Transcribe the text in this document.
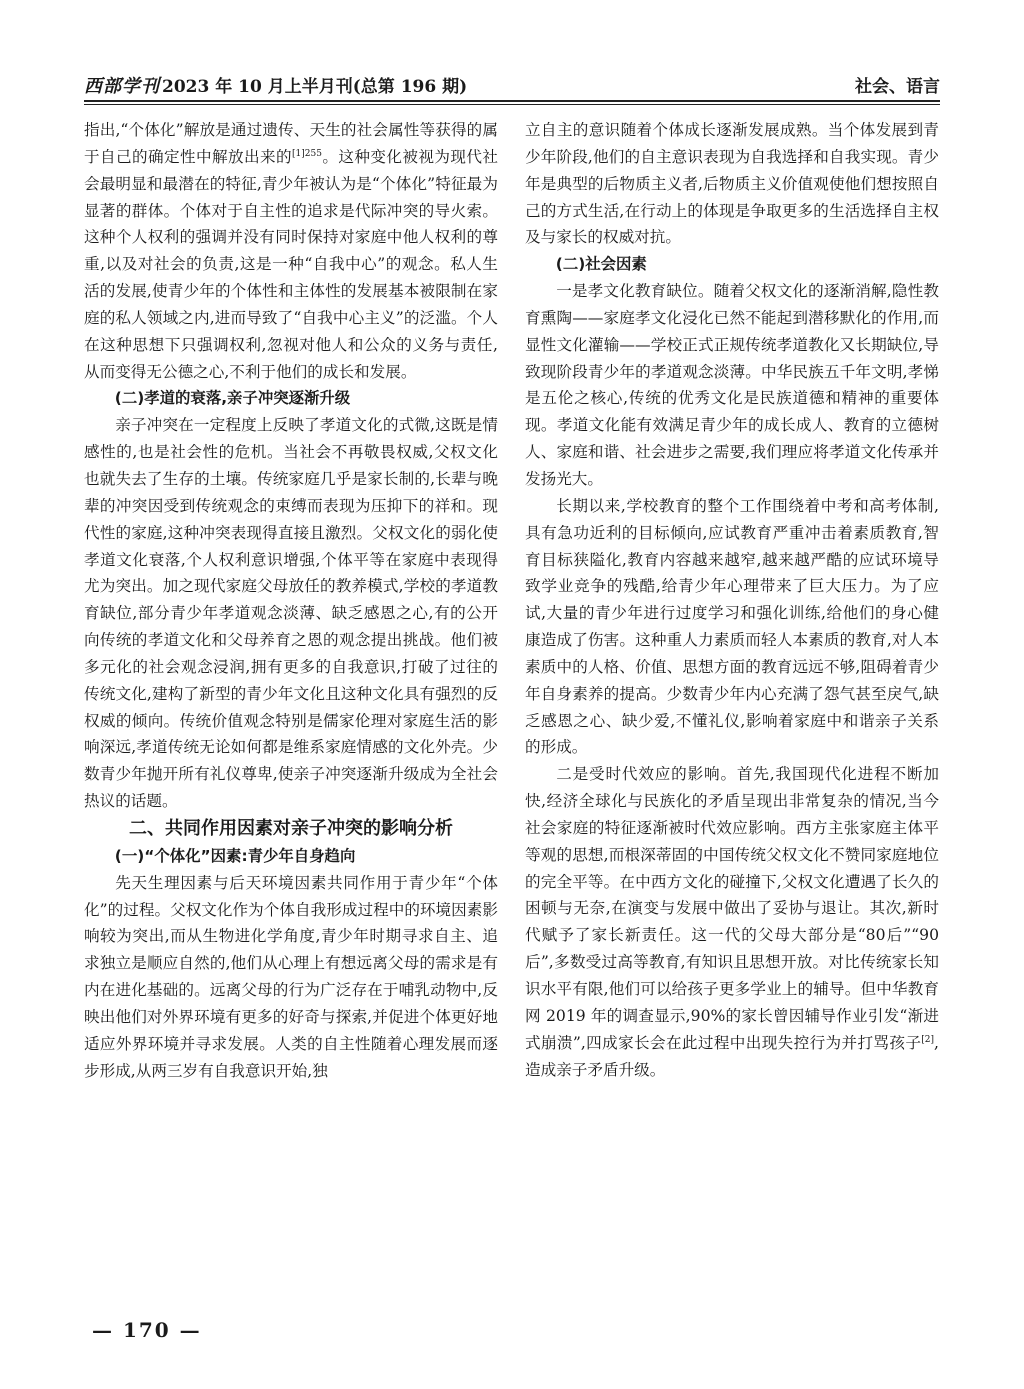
西部学刊 2023 年 10 月上半月刊(总第 196 期)	社会、语言

指出,“个体化”解放是通过遗传、天生的社会属性等获得的属于自己的确定性中解放出来的$^{[1]255}$。这种变化被视为现代社会最明显和最潜在的特征,青少年被认为是“个体化”特征最为显著的群体。个体对于自主性的追求是代际冲突的导火索。这种个人权利的强调并没有同时保持对家庭中他人权利的尊重,以及对社会的负责,这是一种“自我中心”的观念。私人生活的发展,使青少年的个体性和主体性的发展基本被限制在家庭的私人领域之内,进而导致了“自我中心主义”的泛滥。个人在这种思想下只强调权利,忽视对他人和公众的义务与责任,从而变得无公德之心,不利于他们的成长和发展。

(二)孝道的衰落,亲子冲突逐渐升级

亲子冲突在一定程度上反映了孝道文化的式微,这既是情感性的,也是社会性的危机。当社会不再敬畏权威,父权文化也就失去了生存的土壤。传统家庭几乎是家长制的,长辈与晚辈的冲突因受到传统观念的束缚而表现为压抑下的祥和。现代性的家庭,这种冲突表现得直接且激烈。父权文化的弱化使孝道文化衰落,个人权利意识增强,个体平等在家庭中表现得尤为突出。加之现代家庭父母放任的教养模式,学校的孝道教育缺位,部分青少年孝道观念淡薄、缺乏感恩之心,有的公开向传统的孝道文化和父母养育之恩的观念提出挑战。他们被多元化的社会观念浸润,拥有更多的自我意识,打破了过往的传统文化,建构了新型的青少年文化且这种文化具有强烈的反权威的倾向。传统价值观念特别是儒家伦理对家庭生活的影响深远,孝道传统无论如何都是维系家庭情感的文化外壳。少数青少年抛开所有礼仪尊卑,使亲子冲突逐渐升级成为全社会热议的话题。

二、共同作用因素对亲子冲突的影响分析
(一)“个体化”因素:青少年自身趋向

先天生理因素与后天环境因素共同作用于青少年“个体化”的过程。父权文化作为个体自我形成过程中的环境因素影响较为突出,而从生物进化学角度,青少年时期寻求自主、追求独立是顺应自然的,他们从心理上有想远离父母的需求是有内在进化基础的。远离父母的行为广泛存在于哺乳动物中,反映出他们对外界环境有更多的好奇与探索,并促进个体更好地适应外界环境并寻求发展。人类的自主性随着心理发展而逐步形成,从两三岁有自我意识开始,独

立自主的意识随着个体成长逐渐发展成熟。当个体发展到青少年阶段,他们的自主意识表现为自我选择和自我实现。青少年是典型的后物质主义者,后物质主义价值观使他们想按照自己的方式生活,在行动上的体现是争取更多的生活选择自主权及与家长的权威对抗。

(二)社会因素

一是孝文化教育缺位。随着父权文化的逐渐消解,隐性教育熏陶——家庭孝文化浸化已然不能起到潜移默化的作用,而显性文化灌输——学校正式正规传统孝道教化又长期缺位,导致现阶段青少年的孝道观念淡薄。中华民族五千年文明,孝悌是五伦之核心,传统的优秀文化是民族道德和精神的重要体现。孝道文化能有效满足青少年的成长成人、教育的立德树人、家庭和谐、社会进步之需要,我们理应将孝道文化传承并发扬光大。

长期以来,学校教育的整个工作围绕着中考和高考体制,具有急功近利的目标倾向,应试教育严重冲击着素质教育,智育目标狭隘化,教育内容越来越窄,越来越严酷的应试环境导致学业竞争的残酷,给青少年心理带来了巨大压力。为了应试,大量的青少年进行过度学习和强化训练,给他们的身心健康造成了伤害。这种重人力素质而轻人本素质的教育,对人本素质中的人格、价值、思想方面的教育远远不够,阻碍着青少年自身素养的提高。少数青少年内心充满了怨气甚至戾气,缺乏感恩之心、缺少爱,不懂礼仪,影响着家庭中和谐亲子关系的形成。

二是受时代效应的影响。首先,我国现代化进程不断加快,经济全球化与民族化的矛盾呈现出非常复杂的情况,当今社会家庭的特征逐渐被时代效应影响。西方主张家庭主体平等观的思想,而根深蒂固的中国传统父权文化不赞同家庭地位的完全平等。在中西方文化的碰撞下,父权文化遭遇了长久的困顿与无奈,在演变与发展中做出了妥协与退让。其次,新时代赋予了家长新责任。这一代的父母大部分是“80后”“90后”,多数受过高等教育,有知识且思想开放。对比传统家长知识水平有限,他们可以给孩子更多学业上的辅导。但中华教育网 2019 年的调查显示,90%的家长曾因辅导作业引发“渐进式崩溃”,四成家长会在此过程中出现失控行为并打骂孩子[2],造成亲子矛盾升级。

— 170 —
